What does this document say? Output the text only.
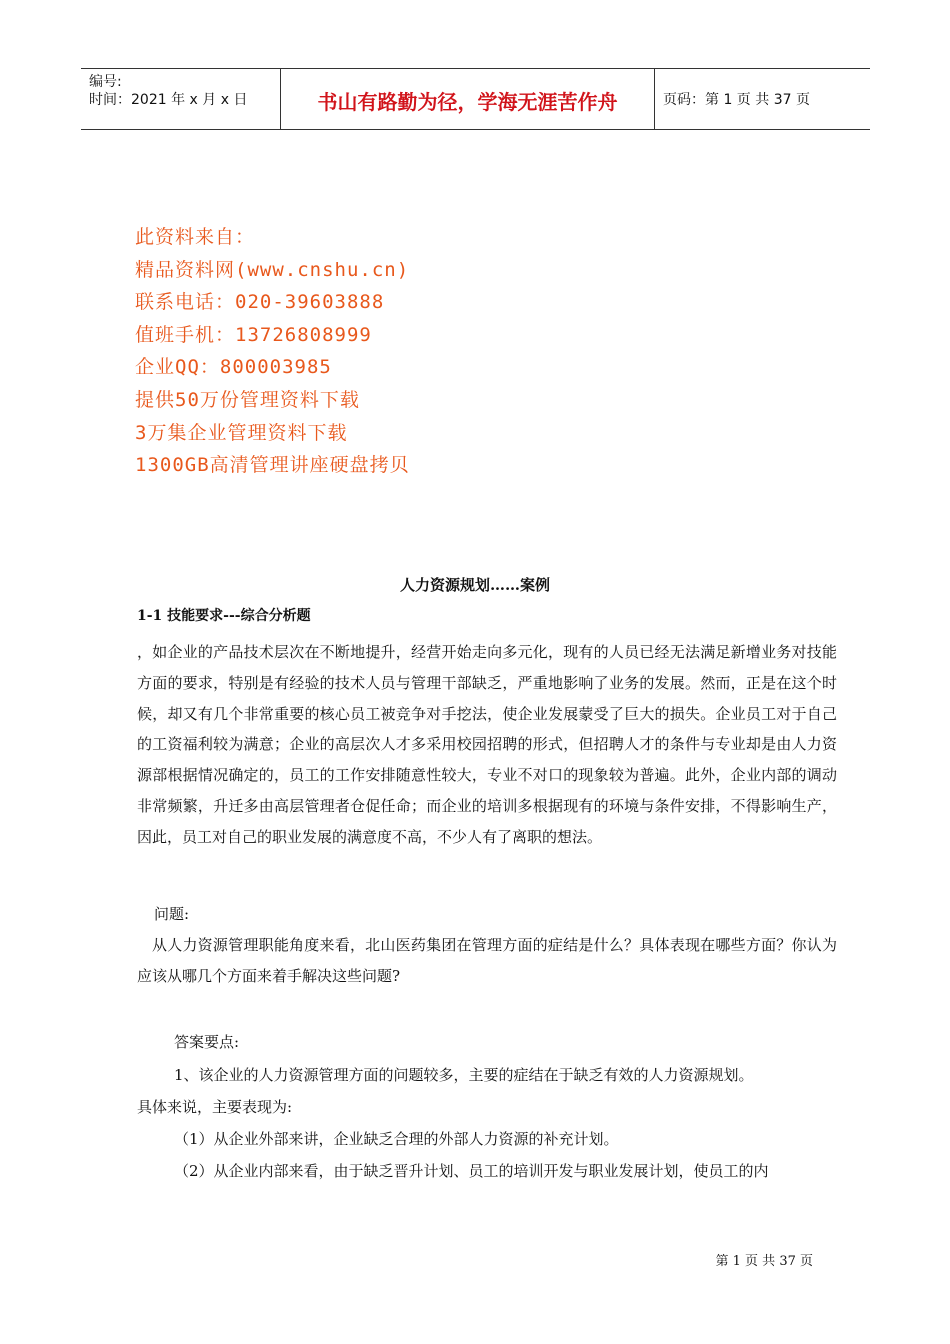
编号:
时间：2021 年 x 月 x 日	书山有路勤为径，学海无涯苦作舟	页码：第 1 页 共 37 页
此资料来自：
精品资料网(www.cnshu.cn)
联系电话：020-39603888
值班手机：13726808999
企业QQ：800003985
提供50万份管理资料下载
3万集企业管理资料下载
1300GB高清管理讲座硬盘拷贝
人力资源规划……案例
1-1 技能要求---综合分析题

，如企业的产品技术层次在不断地提升，经营开始走向多元化，现有的人员已经无法满足新增业务对技能方面的要求，特别是有经验的技术人员与管理干部缺乏，严重地影响了业务的发展。然而，正是在这个时候，却又有几个非常重要的核心员工被竞争对手挖法，使企业发展蒙受了巨大的损失。企业员工对于自己的工资福利较为满意；企业的高层次人才多采用校园招聘的形式，但招聘人才的条件与专业却是由人力资源部根据情况确定的，员工的工作安排随意性较大，专业不对口的现象较为普遍。此外，企业内部的调动非常频繁，升迁多由高层管理者仓促任命；而企业的培训多根据现有的环境与条件安排，不得影响生产，因此，员工对自己的职业发展的满意度不高，不少人有了离职的想法。

问题:

从人力资源管理职能角度来看，北山医药集团在管理方面的症结是什么？具体表现在哪些方面？你认为应该从哪几个方面来着手解决这些问题?

答案要点:
1、该企业的人力资源管理方面的问题较多，主要的症结在于缺乏有效的人力资源规划。
具体来说，主要表现为:
（1）从企业外部来讲，企业缺乏合理的外部人力资源的补充计划。
（2）从企业内部来看，由于缺乏晋升计划、员工的培训开发与职业发展计划，使员工的内
第 1 页 共 37 页
